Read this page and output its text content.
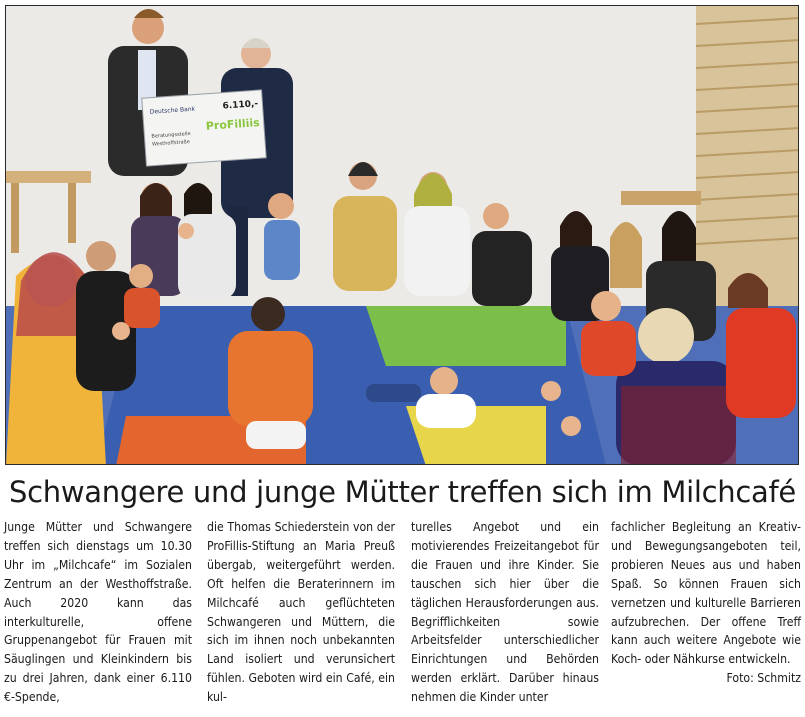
Deutsche Bank	6.110,-
ProFilliis
Beratungsstelle
Westhoffstraße
Schwangere und junge Mütter treffen sich im Milchcafé

Junge Mütter und Schwangere treffen sich dienstags um 10.30 Uhr im „Milchcafe“ im Sozialen Zentrum an der Westhoffstraße. Auch 2020 kann das interkulturelle, offene Gruppenangebot für Frauen mit Säuglingen und Kleinkindern bis zu drei Jahren, dank einer 6.110 €-Spende,

die Thomas Schiederstein von der ProFillis-Stiftung an Maria Preuß übergab, weitergeführt werden. Oft helfen die Beraterinnern im Milchcafé auch geflüchteten Schwangeren und Müttern, die sich im ihnen noch unbekannten Land isoliert und verunsichert fühlen. Geboten wird ein Café, ein kul-

turelles Angebot und ein motivierendes Freizeitangebot für die Frauen und ihre Kinder. Sie tauschen sich hier über die täglichen Herausforderungen aus. Begrifflichkeiten sowie Arbeitsfelder unterschiedlicher Einrichtungen und Behörden werden erklärt. Darüber hinaus nehmen die Kinder unter

fachlicher Begleitung an Kreativ- und Bewegungsangeboten teil, probieren Neues aus und haben Spaß. So können Frauen sich vernetzen und kulturelle Barrieren aufzubrechen. Der offene Treff kann auch weitere Angebote wie Koch- oder Nähkurse entwickeln.
Foto: Schmitz
